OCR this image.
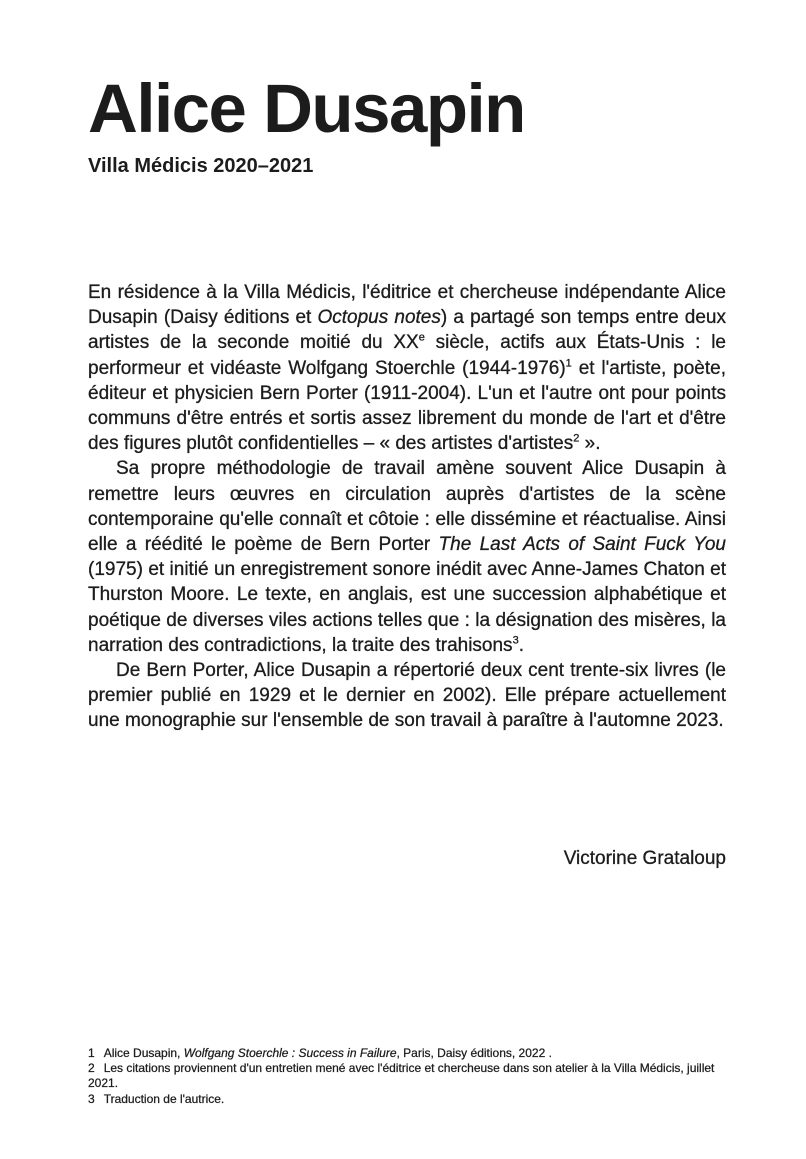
Alice Dusapin

Villa Médicis 2020–2021

En résidence à la Villa Médicis, l'éditrice et chercheuse indépendante Alice Dusapin (Daisy éditions et Octopus notes) a partagé son temps entre deux artistes de la seconde moitié du XXe siècle, actifs aux États-Unis : le performeur et vidéaste Wolfgang Stoerchle (1944-1976)$^1$ et l'artiste, poète, éditeur et physicien Bern Porter (1911-2004). L'un et l'autre ont pour points communs d'être entrés et sortis assez librement du monde de l'art et d'être des figures plutôt confidentielles – « des artistes d'artistes$^2$ ».

Sa propre méthodologie de travail amène souvent Alice Dusapin à remettre leurs œuvres en circulation auprès d'artistes de la scène contemporaine qu'elle connaît et côtoie : elle dissémine et réactualise. Ainsi elle a réédité le poème de Bern Porter The Last Acts of Saint Fuck You (1975) et initié un enregistrement sonore inédit avec Anne-James Chaton et Thurston Moore. Le texte, en anglais, est une succession alphabétique et poétique de diverses viles actions telles que : la désignation des misères, la narration des contradictions, la traite des trahisons$^3$.

De Bern Porter, Alice Dusapin a répertorié deux cent trente-six livres (le premier publié en 1929 et le dernier en 2002). Elle prépare actuellement une monographie sur l'ensemble de son travail à paraître à l'automne 2023.

Victorine Grataloup

1 Alice Dusapin, Wolfgang Stoerchle : Success in Failure, Paris, Daisy éditions, 2022 .

2 Les citations proviennent d'un entretien mené avec l'éditrice et chercheuse dans son atelier à la Villa Médicis, juillet 2021.

3 Traduction de l'autrice.
